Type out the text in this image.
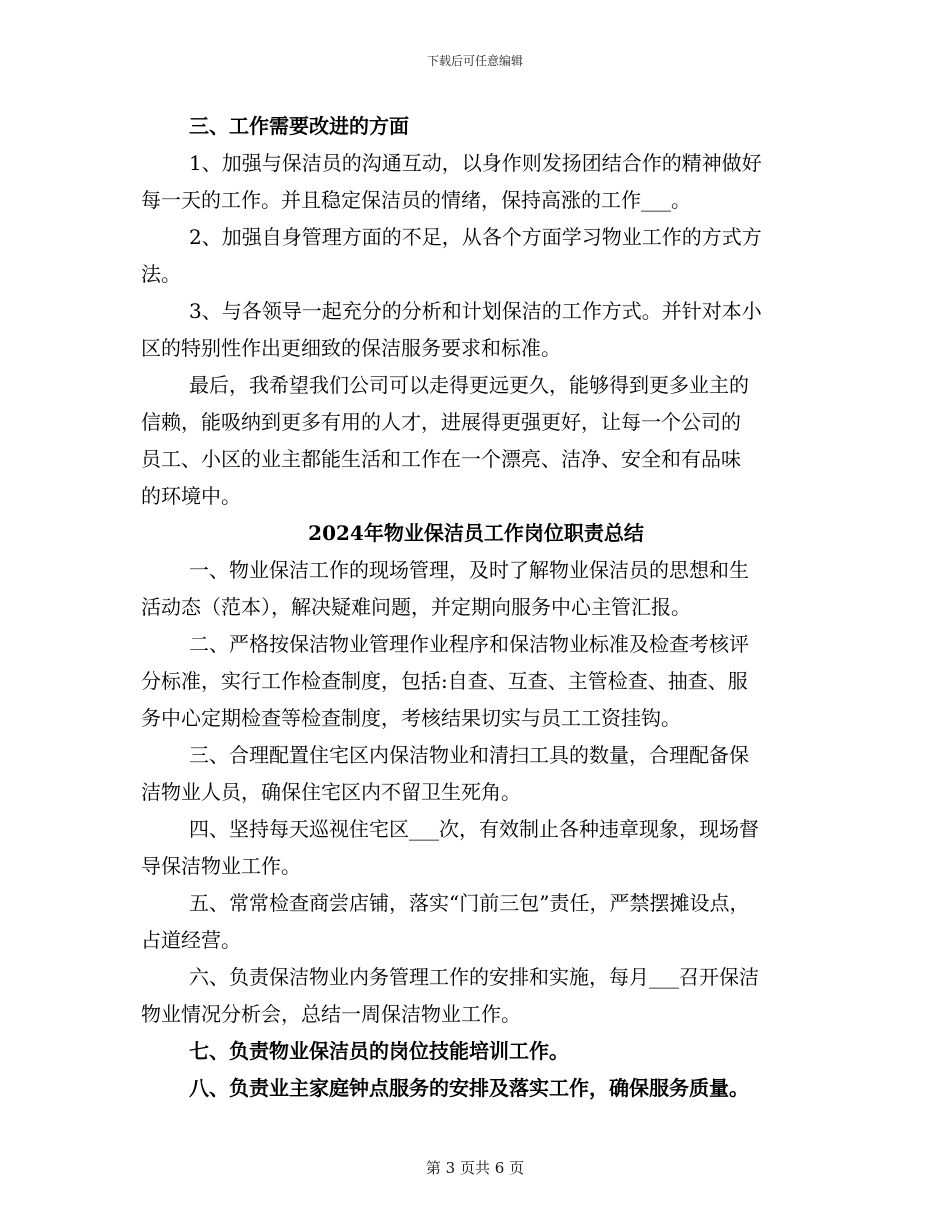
下载后可任意编辑
三、工作需要改进的方面
1、加强与保洁员的沟通互动，以身作则发扬团结合作的精神做好
每一天的工作。并且稳定保洁员的情绪，保持高涨的工作___。
2、加强自身管理方面的不足，从各个方面学习物业工作的方式方
法。
3、与各领导一起充分的分析和计划保洁的工作方式。并针对本小
区的特别性作出更细致的保洁服务要求和标准。
最后，我希望我们公司可以走得更远更久，能够得到更多业主的
信赖，能吸纳到更多有用的人才，进展得更强更好，让每一个公司的
员工、小区的业主都能生活和工作在一个漂亮、洁净、安全和有品味
的环境中。
2024年物业保洁员工作岗位职责总结
一、物业保洁工作的现场管理，及时了解物业保洁员的思想和生
活动态（范本），解决疑难问题，并定期向服务中心主管汇报。
二、严格按保洁物业管理作业程序和保洁物业标准及检查考核评
分标准，实行工作检查制度，包括:自查、互查、主管检查、抽查、服
务中心定期检查等检查制度，考核结果切实与员工工资挂钩。
三、合理配置住宅区内保洁物业和清扫工具的数量，合理配备保
洁物业人员，确保住宅区内不留卫生死角。
四、坚持每天巡视住宅区___次，有效制止各种违章现象，现场督
导保洁物业工作。
五、常常检查商尝店铺，落实“门前三包”责任，严禁摆摊设点，
占道经营。
六、负责保洁物业内务管理工作的安排和实施，每月___召开保洁
物业情况分析会，总结一周保洁物业工作。
七、负责物业保洁员的岗位技能培训工作。
八、负责业主家庭钟点服务的安排及落实工作，确保服务质量。
第 3 页共 6 页
